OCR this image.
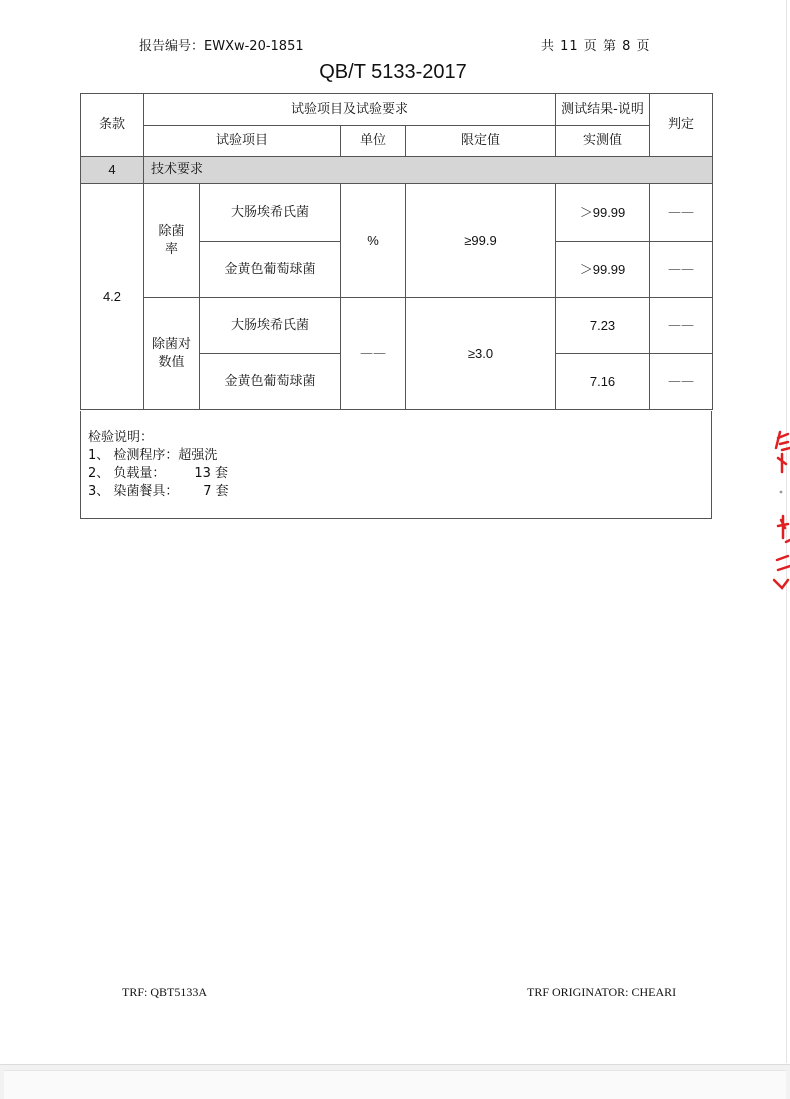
报告编号：EWXw-20-1851	共 11 页 第 8 页
QB/T 5133-2017
条款	试验项目及试验要求				测试结果-说明	判定
	试验项目		单位	限定值	实测值	
4	技术要求					
4.2	除菌率	大肠埃希氏菌	%	≥99.9	＞99.99	——
		金黄色葡萄球菌			＞99.99	——
	除菌对数值	大肠埃希氏菌	——	≥3.0	7.23	——
		金黄色葡萄球菌			7.16	——
检验说明：
1、 检测程序：超强洗
2、 负载量：       13 套
3、 染菌餐具：      7 套
TRF: QBT5133A	TRF ORIGINATOR: CHEARI
